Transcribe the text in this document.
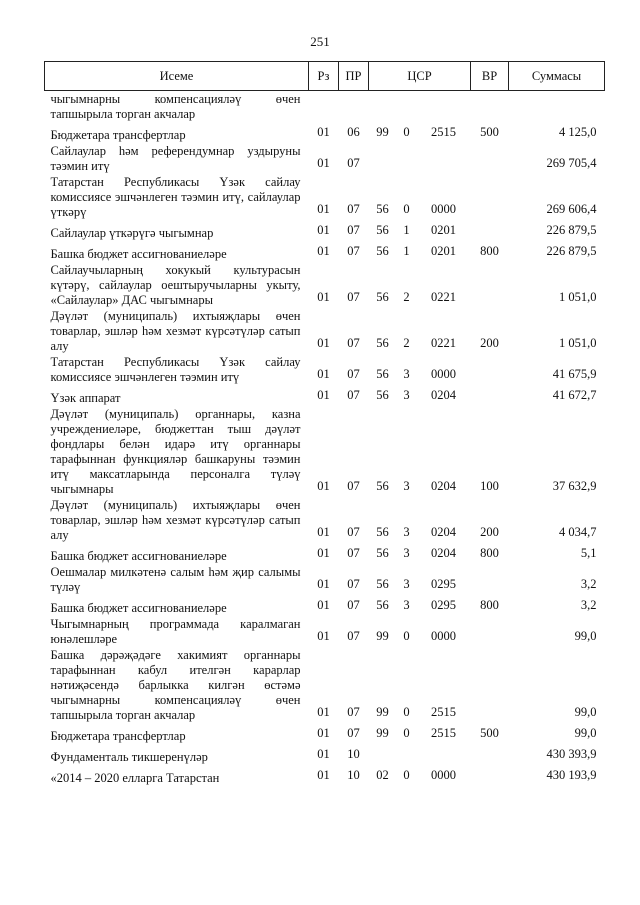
251
Исеме	Рз	ПР	ЦСР			ВР	Суммасы
чыгымнарны компенсацияләү өчен тапшырыла торган акчалар							
Бюджетара трансфертлар	01	06	99	0	2515	500	4 125,0
Сайлаулар һәм референдумнар уздыруны тәэмин итү	01	07					269 705,4
Татарстан Республикасы Үзәк сайлау комиссиясе эшчәнлеген тәэмин итү, сайлаулар үткәрү	01	07	56	0	0000		269 606,4
Сайлаулар үткәрүгә чыгымнар	01	07	56	1	0201		226 879,5
Башка бюджет ассигнованиеләре	01	07	56	1	0201	800	226 879,5
Сайлаучыларның хокукый культурасын күтәрү, сайлаулар оештыручыларны укыту, «Сайлаулар» ДАС чыгымнары	01	07	56	2	0221		1 051,0
Дәүләт (муниципаль) ихтыяҗлары өчен товарлар, эшләр һәм хезмәт күрсәтүләр сатып алу	01	07	56	2	0221	200	1 051,0
Татарстан Республикасы Үзәк сайлау комиссиясе эшчәнлеген тәэмин итү	01	07	56	3	0000		41 675,9
Үзәк аппарат	01	07	56	3	0204		41 672,7
Дәүләт (муниципаль) органнары, казна учреждениеләре, бюджеттан тыш дәүләт фондлары белән идарә итү органнары тарафыннан функцияләр башкаруны тәэмин итү максатларында персоналга түләү чыгымнары	01	07	56	3	0204	100	37 632,9
Дәүләт (муниципаль) ихтыяҗлары өчен товарлар, эшләр һәм хезмәт күрсәтүләр сатып алу	01	07	56	3	0204	200	4 034,7
Башка бюджет ассигнованиеләре	01	07	56	3	0204	800	5,1
Оешмалар милкәтенә салым һәм җир салымы түләү	01	07	56	3	0295		3,2
Башка бюджет ассигнованиеләре	01	07	56	3	0295	800	3,2
Чыгымнарның программада каралмаган юнәлешләре	01	07	99	0	0000		99,0
Башка дәрәҗәдәге хакимият органнары тарафыннан кабул ителгән карарлар нәтиҗәсендә барлыкка килгән өстәмә чыгымнарны компенсацияләү өчен тапшырыла торган акчалар	01	07	99	0	2515		99,0
Бюджетара трансфертлар	01	07	99	0	2515	500	99,0
Фундаменталь тикшеренүләр	01	10					430 393,9
«2014 – 2020 елларга Татарстан	01	10	02	0	0000		430 193,9
